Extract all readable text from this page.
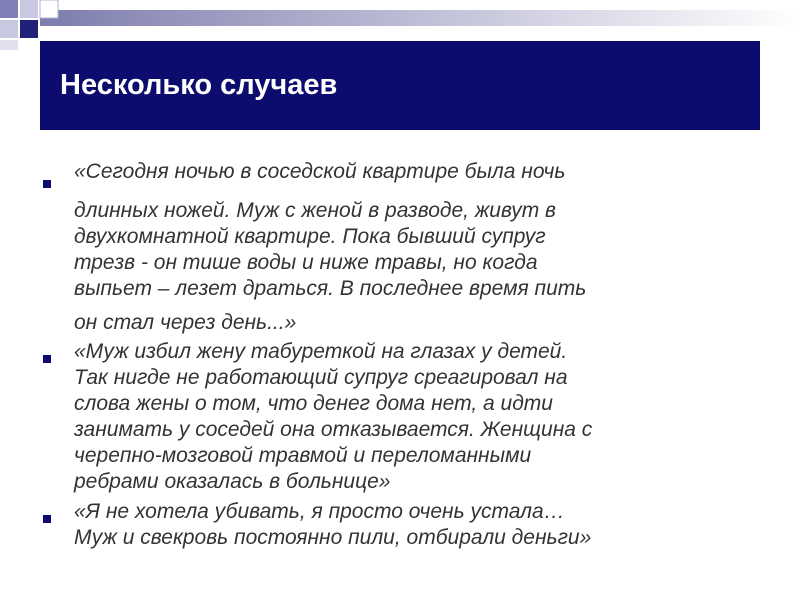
Несколько случаев
«Сегодня ночью в соседской квартире была ночь
длинных ножей. Муж с женой в разводе, живут в
двухкомнатной квартире. Пока бывший супруг
трезв - он тише воды и ниже травы, но когда
выпьет – лезет драться. В последнее время пить
он стал через день...»
«Муж избил жену табуреткой на глазах у детей.
Так нигде не работающий супруг среагировал на
слова жены о том, что денег дома нет, а идти
занимать у соседей она отказывается. Женщина с
черепно-мозговой травмой и переломанными
ребрами оказалась в больнице»
«Я не хотела убивать, я просто очень устала…
Муж и свекровь постоянно пили, отбирали деньги»
